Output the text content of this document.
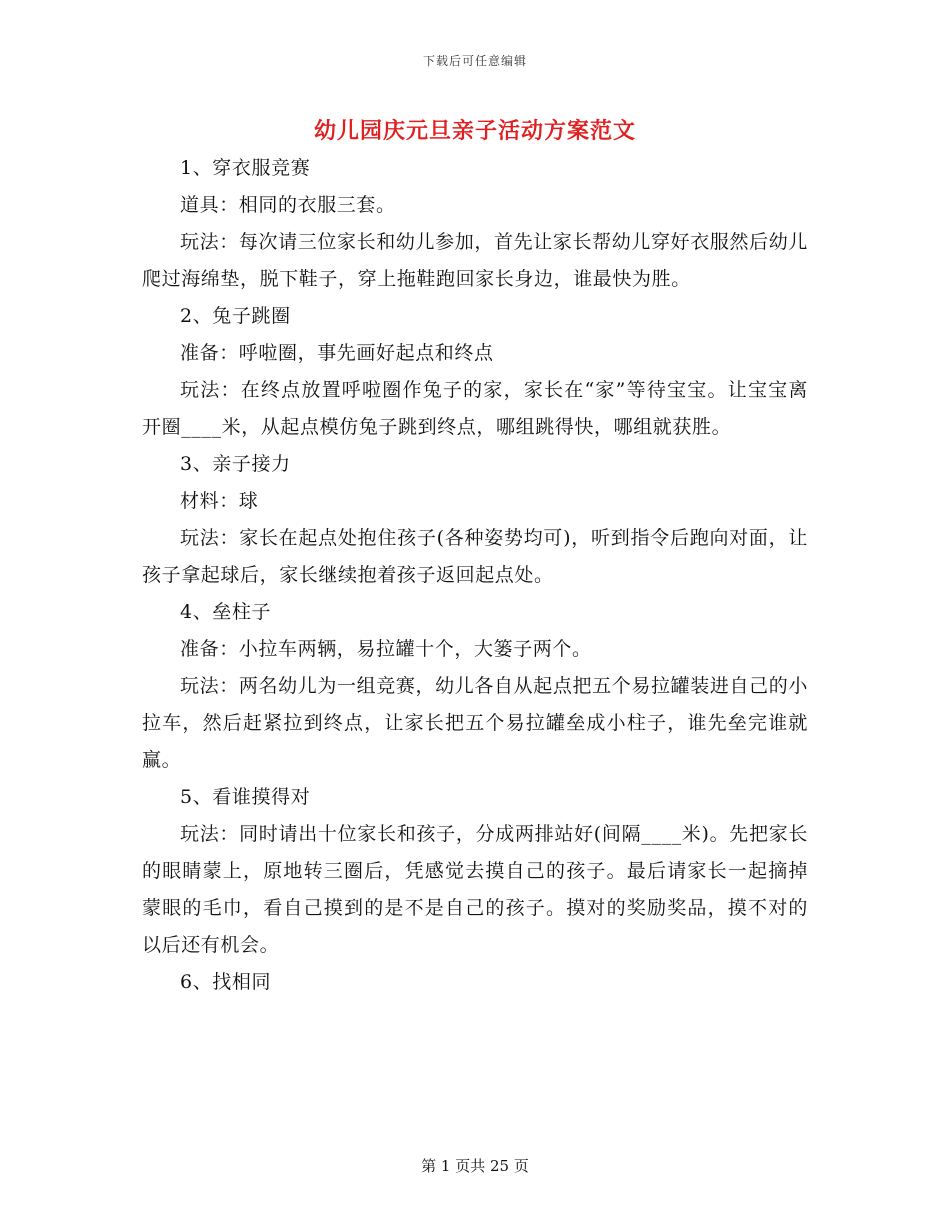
下载后可任意编辑
幼儿园庆元旦亲子活动方案范文

1、穿衣服竞赛

道具：相同的衣服三套。

玩法：每次请三位家长和幼儿参加，首先让家长帮幼儿穿好衣服然后幼儿爬过海绵垫，脱下鞋子，穿上拖鞋跑回家长身边，谁最快为胜。

2、兔子跳圈

准备：呼啦圈，事先画好起点和终点

玩法：在终点放置呼啦圈作兔子的家，家长在“家”等待宝宝。让宝宝离开圈____米，从起点模仿兔子跳到终点，哪组跳得快，哪组就获胜。

3、亲子接力

材料：球

玩法：家长在起点处抱住孩子(各种姿势均可)，听到指令后跑向对面，让孩子拿起球后，家长继续抱着孩子返回起点处。

4、垒柱子

准备：小拉车两辆，易拉罐十个，大篓子两个。

玩法：两名幼儿为一组竞赛，幼儿各自从起点把五个易拉罐装进自己的小拉车，然后赶紧拉到终点，让家长把五个易拉罐垒成小柱子，谁先垒完谁就赢。

5、看谁摸得对

玩法：同时请出十位家长和孩子，分成两排站好(间隔____米)。先把家长的眼睛蒙上，原地转三圈后，凭感觉去摸自己的孩子。最后请家长一起摘掉蒙眼的毛巾，看自己摸到的是不是自己的孩子。摸对的奖励奖品，摸不对的以后还有机会。

6、找相同

第 1 页共 25 页
